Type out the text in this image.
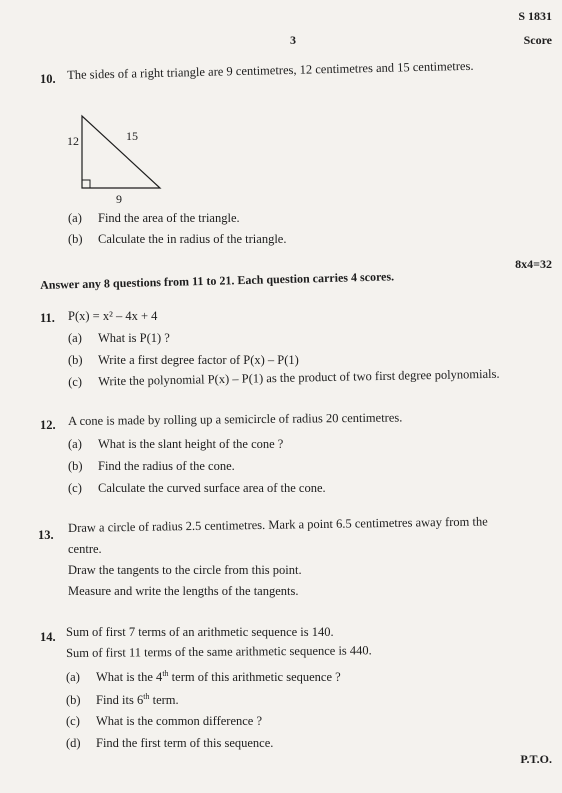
S 1831
3	Score
10. The sides of a right triangle are 9 centimetres, 12 centimetres and 15 centimetres.
12	15
9
(a) Find the area of the triangle.
(b) Calculate the in radius of the triangle.
Answer any 8 questions from 11 to 21. Each question carries 4 scores.
8x4=32
11. P(x) = x² – 4x + 4
(a) What is P(1) ?
(b) Write a first degree factor of P(x) – P(1)
(c) Write the polynomial P(x) – P(1) as the product of two first degree polynomials.
12. A cone is made by rolling up a semicircle of radius 20 centimetres.
(a) What is the slant height of the cone ?
(b) Find the radius of the cone.
(c) Calculate the curved surface area of the cone.
13.
Draw a circle of radius 2.5 centimetres. Mark a point 6.5 centimetres away from the
centre.
Draw the tangents to the circle from this point.
Measure and write the lengths of the tangents.
14. Sum of first 7 terms of an arithmetic sequence is 140.
Sum of first 11 terms of the same arithmetic sequence is 440.
(a) What is the 4th term of this arithmetic sequence ?
(b) Find its 6th term.
(c) What is the common difference ?
(d) Find the first term of this sequence.
P.T.O.
